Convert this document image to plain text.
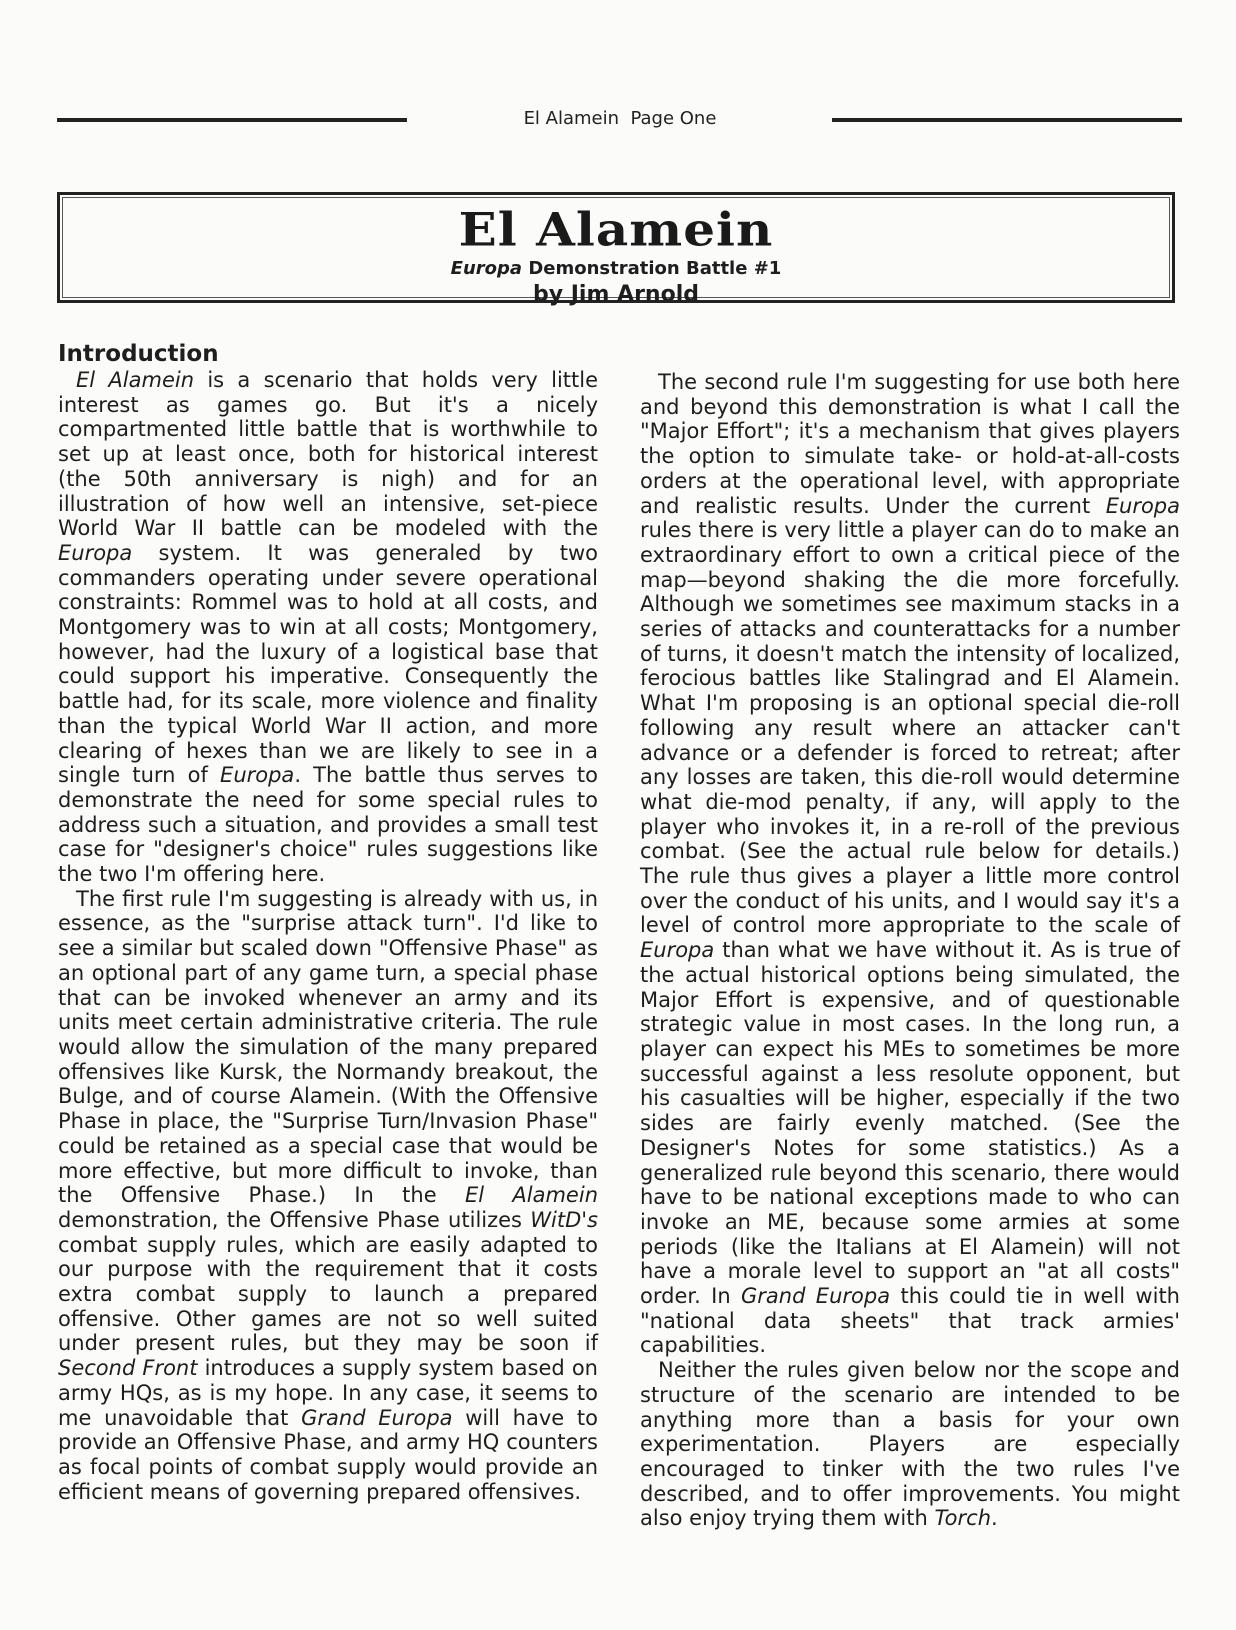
El Alamein  Page One
El Alamein
Europa Demonstration Battle #1
by Jim Arnold
Introduction

El Alamein is a scenario that holds very little interest as games go. But it's a nicely compartmented little battle that is worthwhile to set up at least once, both for historical interest (the 50th anniversary is nigh) and for an illustration of how well an intensive, set-piece World War II battle can be modeled with the Europa system. It was generaled by two commanders operating under severe operational constraints: Rommel was to hold at all costs, and Montgomery was to win at all costs; Montgomery, however, had the luxury of a logistical base that could support his imperative. Consequently the battle had, for its scale, more violence and finality than the typical World War II action, and more clearing of hexes than we are likely to see in a single turn of Europa. The battle thus serves to demonstrate the need for some special rules to address such a situation, and provides a small test case for "designer's choice" rules suggestions like the two I'm offering here.

The first rule I'm suggesting is already with us, in essence, as the "surprise attack turn". I'd like to see a similar but scaled down "Offensive Phase" as an optional part of any game turn, a special phase that can be invoked whenever an army and its units meet certain administrative criteria. The rule would allow the simulation of the many prepared offensives like Kursk, the Normandy breakout, the Bulge, and of course Alamein. (With the Offensive Phase in place, the "Surprise Turn/Invasion Phase" could be retained as a special case that would be more effective, but more difficult to invoke, than the Offensive Phase.) In the El Alamein demonstration, the Offensive Phase utilizes WitD's combat supply rules, which are easily adapted to our purpose with the requirement that it costs extra combat supply to launch a prepared offensive. Other games are not so well suited under present rules, but they may be soon if Second Front introduces a supply system based on army HQs, as is my hope. In any case, it seems to me unavoidable that Grand Europa will have to provide an Offensive Phase, and army HQ counters as focal points of combat supply would provide an efficient means of governing prepared offensives.

The second rule I'm suggesting for use both here and beyond this demonstration is what I call the "Major Effort"; it's a mechanism that gives players the option to simulate take- or hold-at-all-costs orders at the operational level, with appropriate and realistic results. Under the current Europa rules there is very little a player can do to make an extraordinary effort to own a critical piece of the map—beyond shaking the die more forcefully. Although we sometimes see maximum stacks in a series of attacks and counterattacks for a number of turns, it doesn't match the intensity of localized, ferocious battles like Stalingrad and El Alamein. What I'm proposing is an optional special die-roll following any result where an attacker can't advance or a defender is forced to retreat; after any losses are taken, this die-roll would determine what die-mod penalty, if any, will apply to the player who invokes it, in a re-roll of the previous combat. (See the actual rule below for details.) The rule thus gives a player a little more control over the conduct of his units, and I would say it's a level of control more appropriate to the scale of Europa than what we have without it. As is true of the actual historical options being simulated, the Major Effort is expensive, and of questionable strategic value in most cases. In the long run, a player can expect his MEs to sometimes be more successful against a less resolute opponent, but his casualties will be higher, especially if the two sides are fairly evenly matched. (See the Designer's Notes for some statistics.) As a generalized rule beyond this scenario, there would have to be national exceptions made to who can invoke an ME, because some armies at some periods (like the Italians at El Alamein) will not have a morale level to support an "at all costs" order. In Grand Europa this could tie in well with "national data sheets" that track armies' capabilities.

Neither the rules given below nor the scope and structure of the scenario are intended to be anything more than a basis for your own experimentation. Players are especially encouraged to tinker with the two rules I've described, and to offer improvements. You might also enjoy trying them with Torch.
